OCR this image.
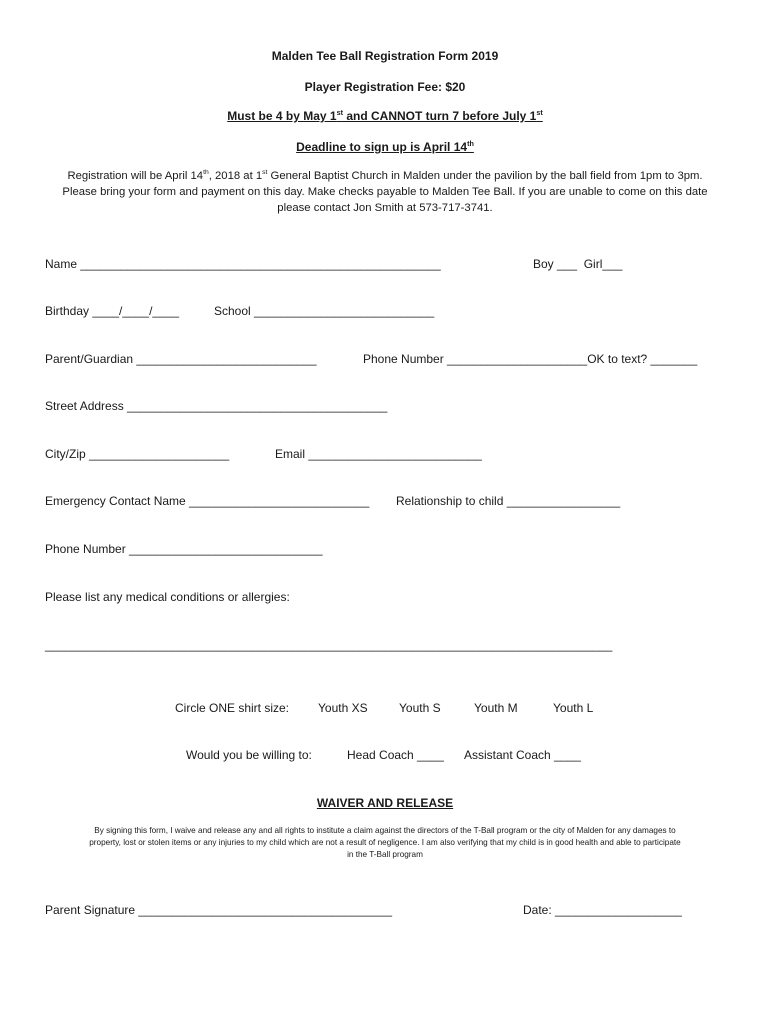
Malden Tee Ball Registration Form 2019
Player Registration Fee: $20
Must be 4 by May 1st and CANNOT turn 7 before July 1st
Deadline to sign up is April 14th
Registration will be April 14th, 2018 at 1st General Baptist Church in Malden under the pavilion by the ball field from 1pm to 3pm.
Please bring your form and payment on this day. Make checks payable to Malden Tee Ball. If you are unable to come on this date
please contact Jon Smith at 573-717-3741.
Name ______________________________________________________	Boy ___  Girl___
Birthday ____/____/____	School ___________________________
Parent/Guardian ___________________________	Phone Number _____________________OK to text? _______
Street Address _______________________________________
City/Zip _____________________	Email __________________________
Emergency Contact Name ___________________________ Relationship to child _________________
Phone Number _____________________________
Please list any medical conditions or allergies:
_____________________________________________________________________________________
Circle ONE shirt size: Youth XS	Youth S	Youth M	Youth L
Would you be willing to:	Head Coach ____ Assistant Coach ____
WAIVER AND RELEASE
By signing this form, I waive and release any and all rights to institute a claim against the directors of the T-Ball program or the city of Malden for any damages to
property, lost or stolen items or any injuries to my child which are not a result of negligence. I am also verifying that my child is in good health and able to participate
in the T-Ball program
Parent Signature ______________________________________	Date: ___________________
